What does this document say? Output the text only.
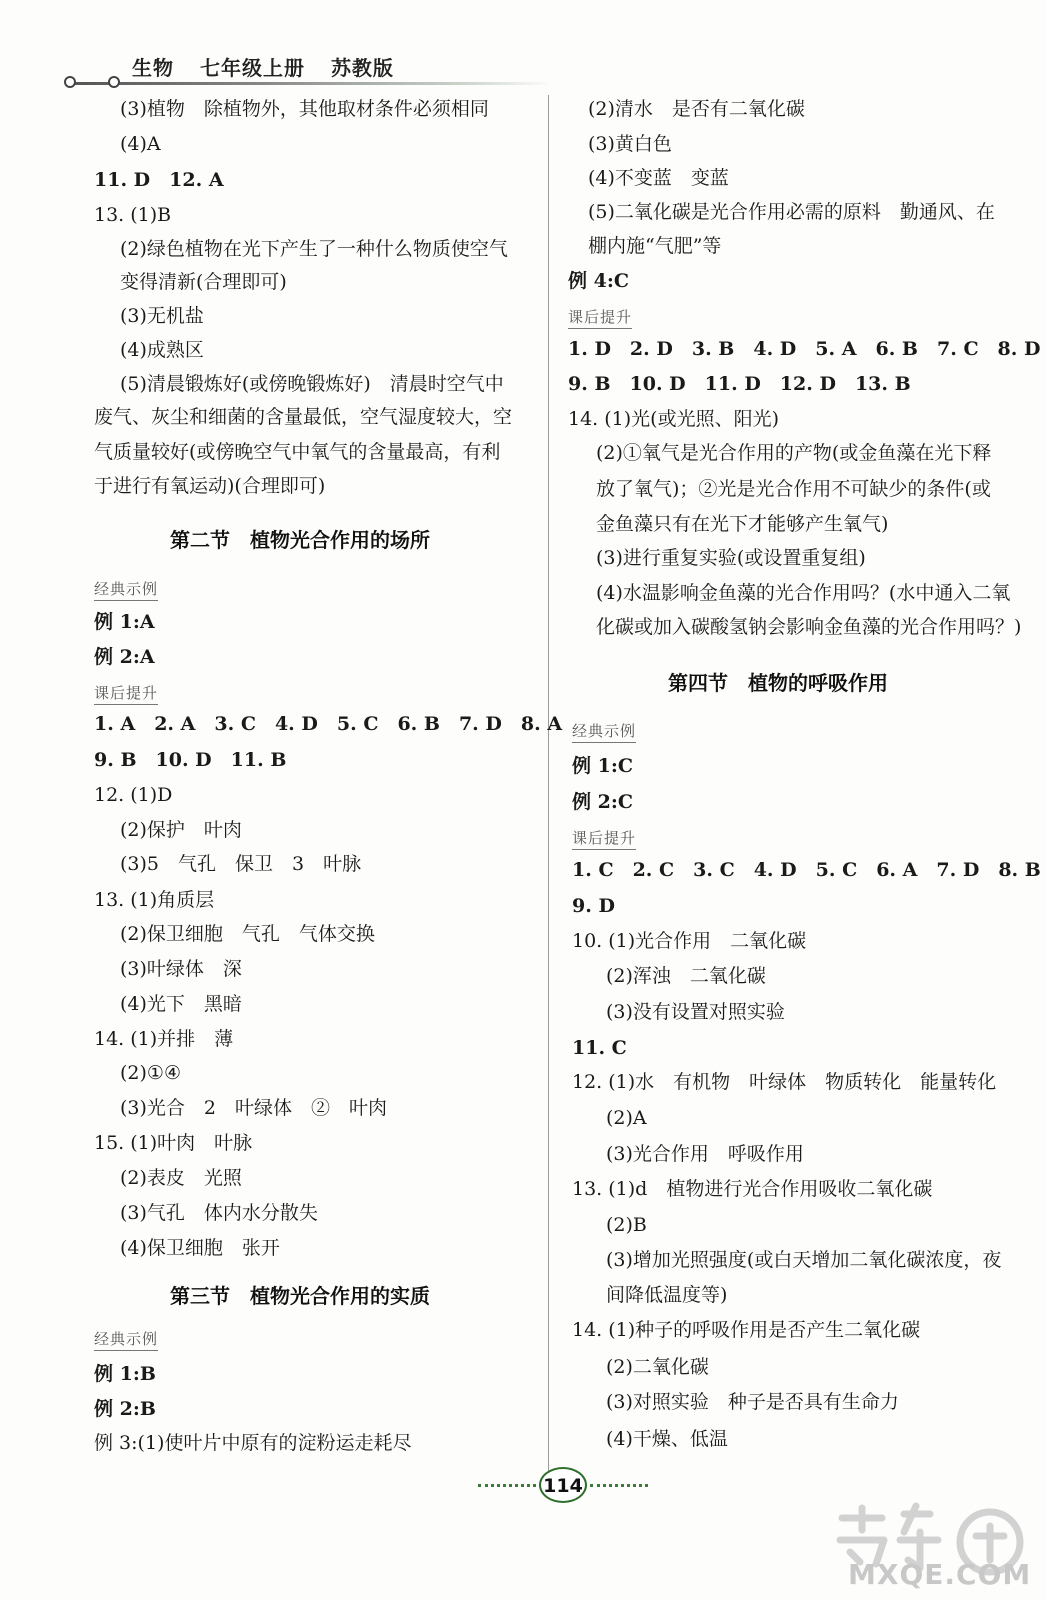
生物 七年级上册 苏教版
(3)植物　除植物外，其他取材条件必须相同
(4)A
11. D　12. A
13. (1)B
(2)绿色植物在光下产生了一种什么物质使空气
变得清新(合理即可)
(3)无机盐
(4)成熟区
(5)清晨锻炼好(或傍晚锻炼好)　清晨时空气中
废气、灰尘和细菌的含量最低，空气湿度较大，空
气质量较好(或傍晚空气中氧气的含量最高，有利
于进行有氧运动)(合理即可)
第二节　植物光合作用的场所
经典示例
例 1:A
例 2:A
课后提升
1. A　2. A　3. C　4. D　5. C　6. B　7. D　8. A
9. B　10. D　11. B
12. (1)D
(2)保护　叶肉
(3)5　气孔　保卫　3　叶脉
13. (1)角质层
(2)保卫细胞　气孔　气体交换
(3)叶绿体　深
(4)光下　黑暗
14. (1)并排　薄
(2)①④
(3)光合　2　叶绿体　②　叶肉
15. (1)叶肉　叶脉
(2)表皮　光照
(3)气孔　体内水分散失
(4)保卫细胞　张开
第三节　植物光合作用的实质
经典示例
例 1:B
例 2:B
例 3:(1)使叶片中原有的淀粉运走耗尽
(2)清水　是否有二氧化碳
(3)黄白色
(4)不变蓝　变蓝
(5)二氧化碳是光合作用必需的原料　勤通风、在
棚内施“气肥”等
例 4:C
课后提升
1. D　2. D　3. B　4. D　5. A　6. B　7. C　8. D
9. B　10. D　11. D　12. D　13. B
14. (1)光(或光照、阳光)
(2)①氧气是光合作用的产物(或金鱼藻在光下释
放了氧气)；②光是光合作用不可缺少的条件(或
金鱼藻只有在光下才能够产生氧气)
(3)进行重复实验(或设置重复组)
(4)水温影响金鱼藻的光合作用吗？(水中通入二氧
化碳或加入碳酸氢钠会影响金鱼藻的光合作用吗？)
第四节　植物的呼吸作用
经典示例
例 1:C
例 2:C
课后提升
1. C　2. C　3. C　4. D　5. C　6. A　7. D　8. B
9. D
10. (1)光合作用　二氧化碳
(2)浑浊　二氧化碳
(3)没有设置对照实验
11. C
12. (1)水　有机物　叶绿体　物质转化　能量转化
(2)A
(3)光合作用　呼吸作用
13. (1)d　植物进行光合作用吸收二氧化碳
(2)B
(3)增加光照强度(或白天增加二氧化碳浓度，夜
间降低温度等)
14. (1)种子的呼吸作用是否产生二氧化碳
(2)二氧化碳
(3)对照实验　种子是否具有生命力
(4)干燥、低温
114
MXQE.COM
